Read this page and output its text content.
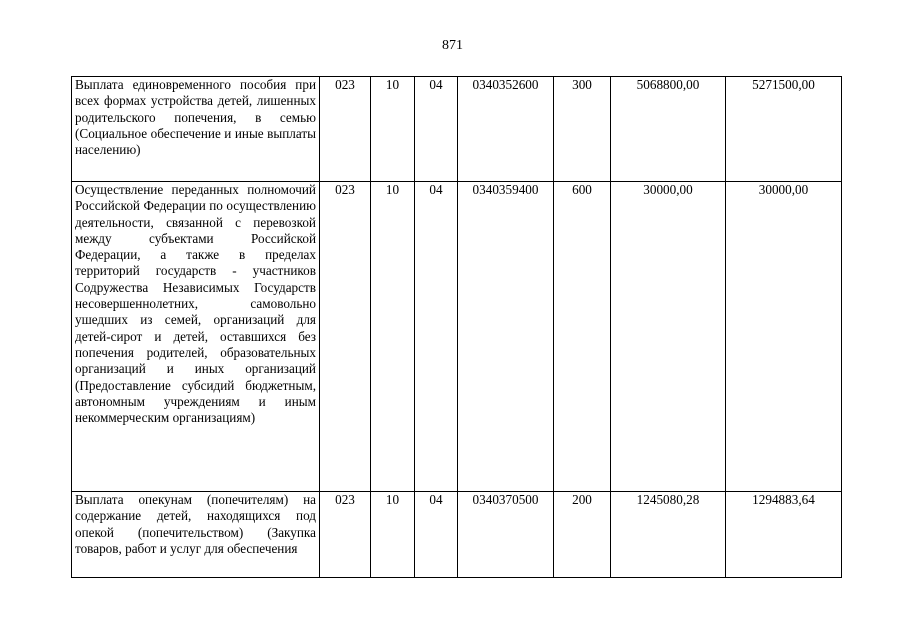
871
Выплата единовременного пособия при всех формах устройства детей, лишенных родительского попечения, в семью (Социальное обеспечение и иные выплаты населению)	023	10	04	0340352600	300	5068800,00	5271500,00
Осуществление переданных полномочий Российской Федерации по осуществлению деятельности, связанной с перевозкой между субъектами Российской Федерации, а также в пределах территорий государств - участников Содружества Независимых Государств несовершеннолетних, самовольно ушедших из семей, организаций для детей-сирот и детей, оставшихся без попечения родителей, образовательных организаций и иных организаций (Предоставление субсидий бюджетным, автономным учреждениям и иным некоммерческим организациям)	023	10	04	0340359400	600	30000,00	30000,00
Выплата опекунам (попечителям) на содержание детей, находящихся под опекой (попечительством) (Закупка товаров, работ и услуг для обеспечения	023	10	04	0340370500	200	1245080,28	1294883,64
